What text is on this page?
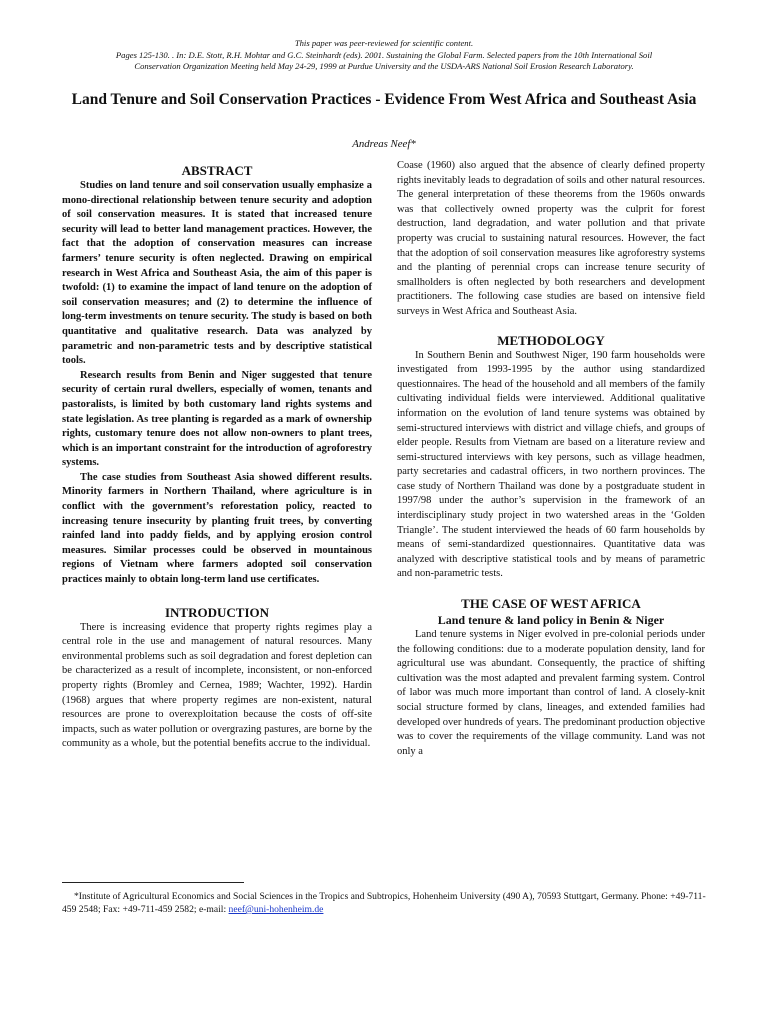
This paper was peer-reviewed for scientific content.
Pages 125-130. . In: D.E. Stott, R.H. Mohtar and G.C. Steinhardt (eds). 2001. Sustaining the Global Farm. Selected papers from the 10th International Soil
Conservation Organization Meeting held May 24-29, 1999 at Purdue University and the USDA-ARS National Soil Erosion Research Laboratory.
Land Tenure and Soil Conservation Practices - Evidence From West Africa and Southeast Asia
Andreas Neef*
ABSTRACT

Studies on land tenure and soil conservation usually emphasize a mono-directional relationship between tenure security and adoption of soil conservation measures. It is stated that increased tenure security will lead to better land management practices. However, the fact that the adoption of conservation measures can increase farmers’ tenure security is often neglected. Drawing on empirical research in West Africa and Southeast Asia, the aim of this paper is twofold: (1) to examine the impact of land tenure on the adoption of soil conservation measures; and (2) to determine the influence of long-term investments on tenure security. The study is based on both quantitative and qualitative research. Data was analyzed by parametric and non-parametric tests and by descriptive statistical tools.

Research results from Benin and Niger suggested that tenure security of certain rural dwellers, especially of women, tenants and pastoralists, is limited by both customary land rights systems and state legislation. As tree planting is regarded as a mark of ownership rights, customary tenure does not allow non-owners to plant trees, which is an important constraint for the introduction of agroforestry systems.

The case studies from Southeast Asia showed different results. Minority farmers in Northern Thailand, where agriculture is in conflict with the government’s reforestation policy, reacted to increasing tenure insecurity by planting fruit trees, by converting rainfed land into paddy fields, and by applying erosion control measures. Similar processes could be observed in mountainous regions of Vietnam where farmers adopted soil conservation practices mainly to obtain long-term land use certificates.

INTRODUCTION

There is increasing evidence that property rights regimes play a central role in the use and management of natural resources. Many environmental problems such as soil degradation and forest depletion can be characterized as a result of incomplete, inconsistent, or non-enforced property rights (Bromley and Cernea, 1989; Wachter, 1992). Hardin (1968) argues that where property regimes are non-existent, natural resources are prone to overexploitation because the costs of off-site impacts, such as water pollution or overgrazing pastures, are borne by the community as a whole, but the potential benefits accrue to the individual.

Coase (1960) also argued that the absence of clearly defined property rights inevitably leads to degradation of soils and other natural resources. The general interpretation of these theorems from the 1960s onwards was that collectively owned property was the culprit for forest destruction, land degradation, and water pollution and that private property was crucial to sustaining natural resources. However, the fact that the adoption of soil conservation measures like agroforestry systems and the planting of perennial crops can increase tenure security of smallholders is often neglected by both researchers and development practitioners. The following case studies are based on intensive field surveys in West Africa and Southeast Asia.

METHODOLOGY

In Southern Benin and Southwest Niger, 190 farm households were investigated from 1993-1995 by the author using standardized questionnaires. The head of the household and all members of the family cultivating individual fields were interviewed. Additional qualitative information on the evolution of land tenure systems was obtained by semi-structured interviews with district and village chiefs, and groups of elder people. Results from Vietnam are based on a literature review and semi-structured interviews with key persons, such as village headmen, party secretaries and cadastral officers, in two northern provinces. The case study of Northern Thailand was done by a postgraduate student in 1997/98 under the author’s supervision in the framework of an interdisciplinary study project in two watershed areas in the ‘Golden Triangle’. The student interviewed the heads of 60 farm households by means of semi-standardized questionnaires. Quantitative data was analyzed with descriptive statistical tools and by means of parametric and non-parametric tests.

THE CASE OF WEST AFRICA
Land tenure & land policy in Benin & Niger

Land tenure systems in Niger evolved in pre-colonial periods under the following conditions: due to a moderate population density, land for agricultural use was abundant. Consequently, the practice of shifting cultivation was the most adapted and prevalent farming system. Control of labor was much more important than control of land. A closely-knit social structure formed by clans, lineages, and extended families had developed over hundreds of years. The predominant production objective was to cover the requirements of the village community. Land was not only a

*Institute of Agricultural Economics and Social Sciences in the Tropics and Subtropics, Hohenheim University (490 A), 70593 Stuttgart, Germany. Phone: +49-711-459 2548; Fax: +49-711-459 2582; e-mail: neef@uni-hohenheim.de
